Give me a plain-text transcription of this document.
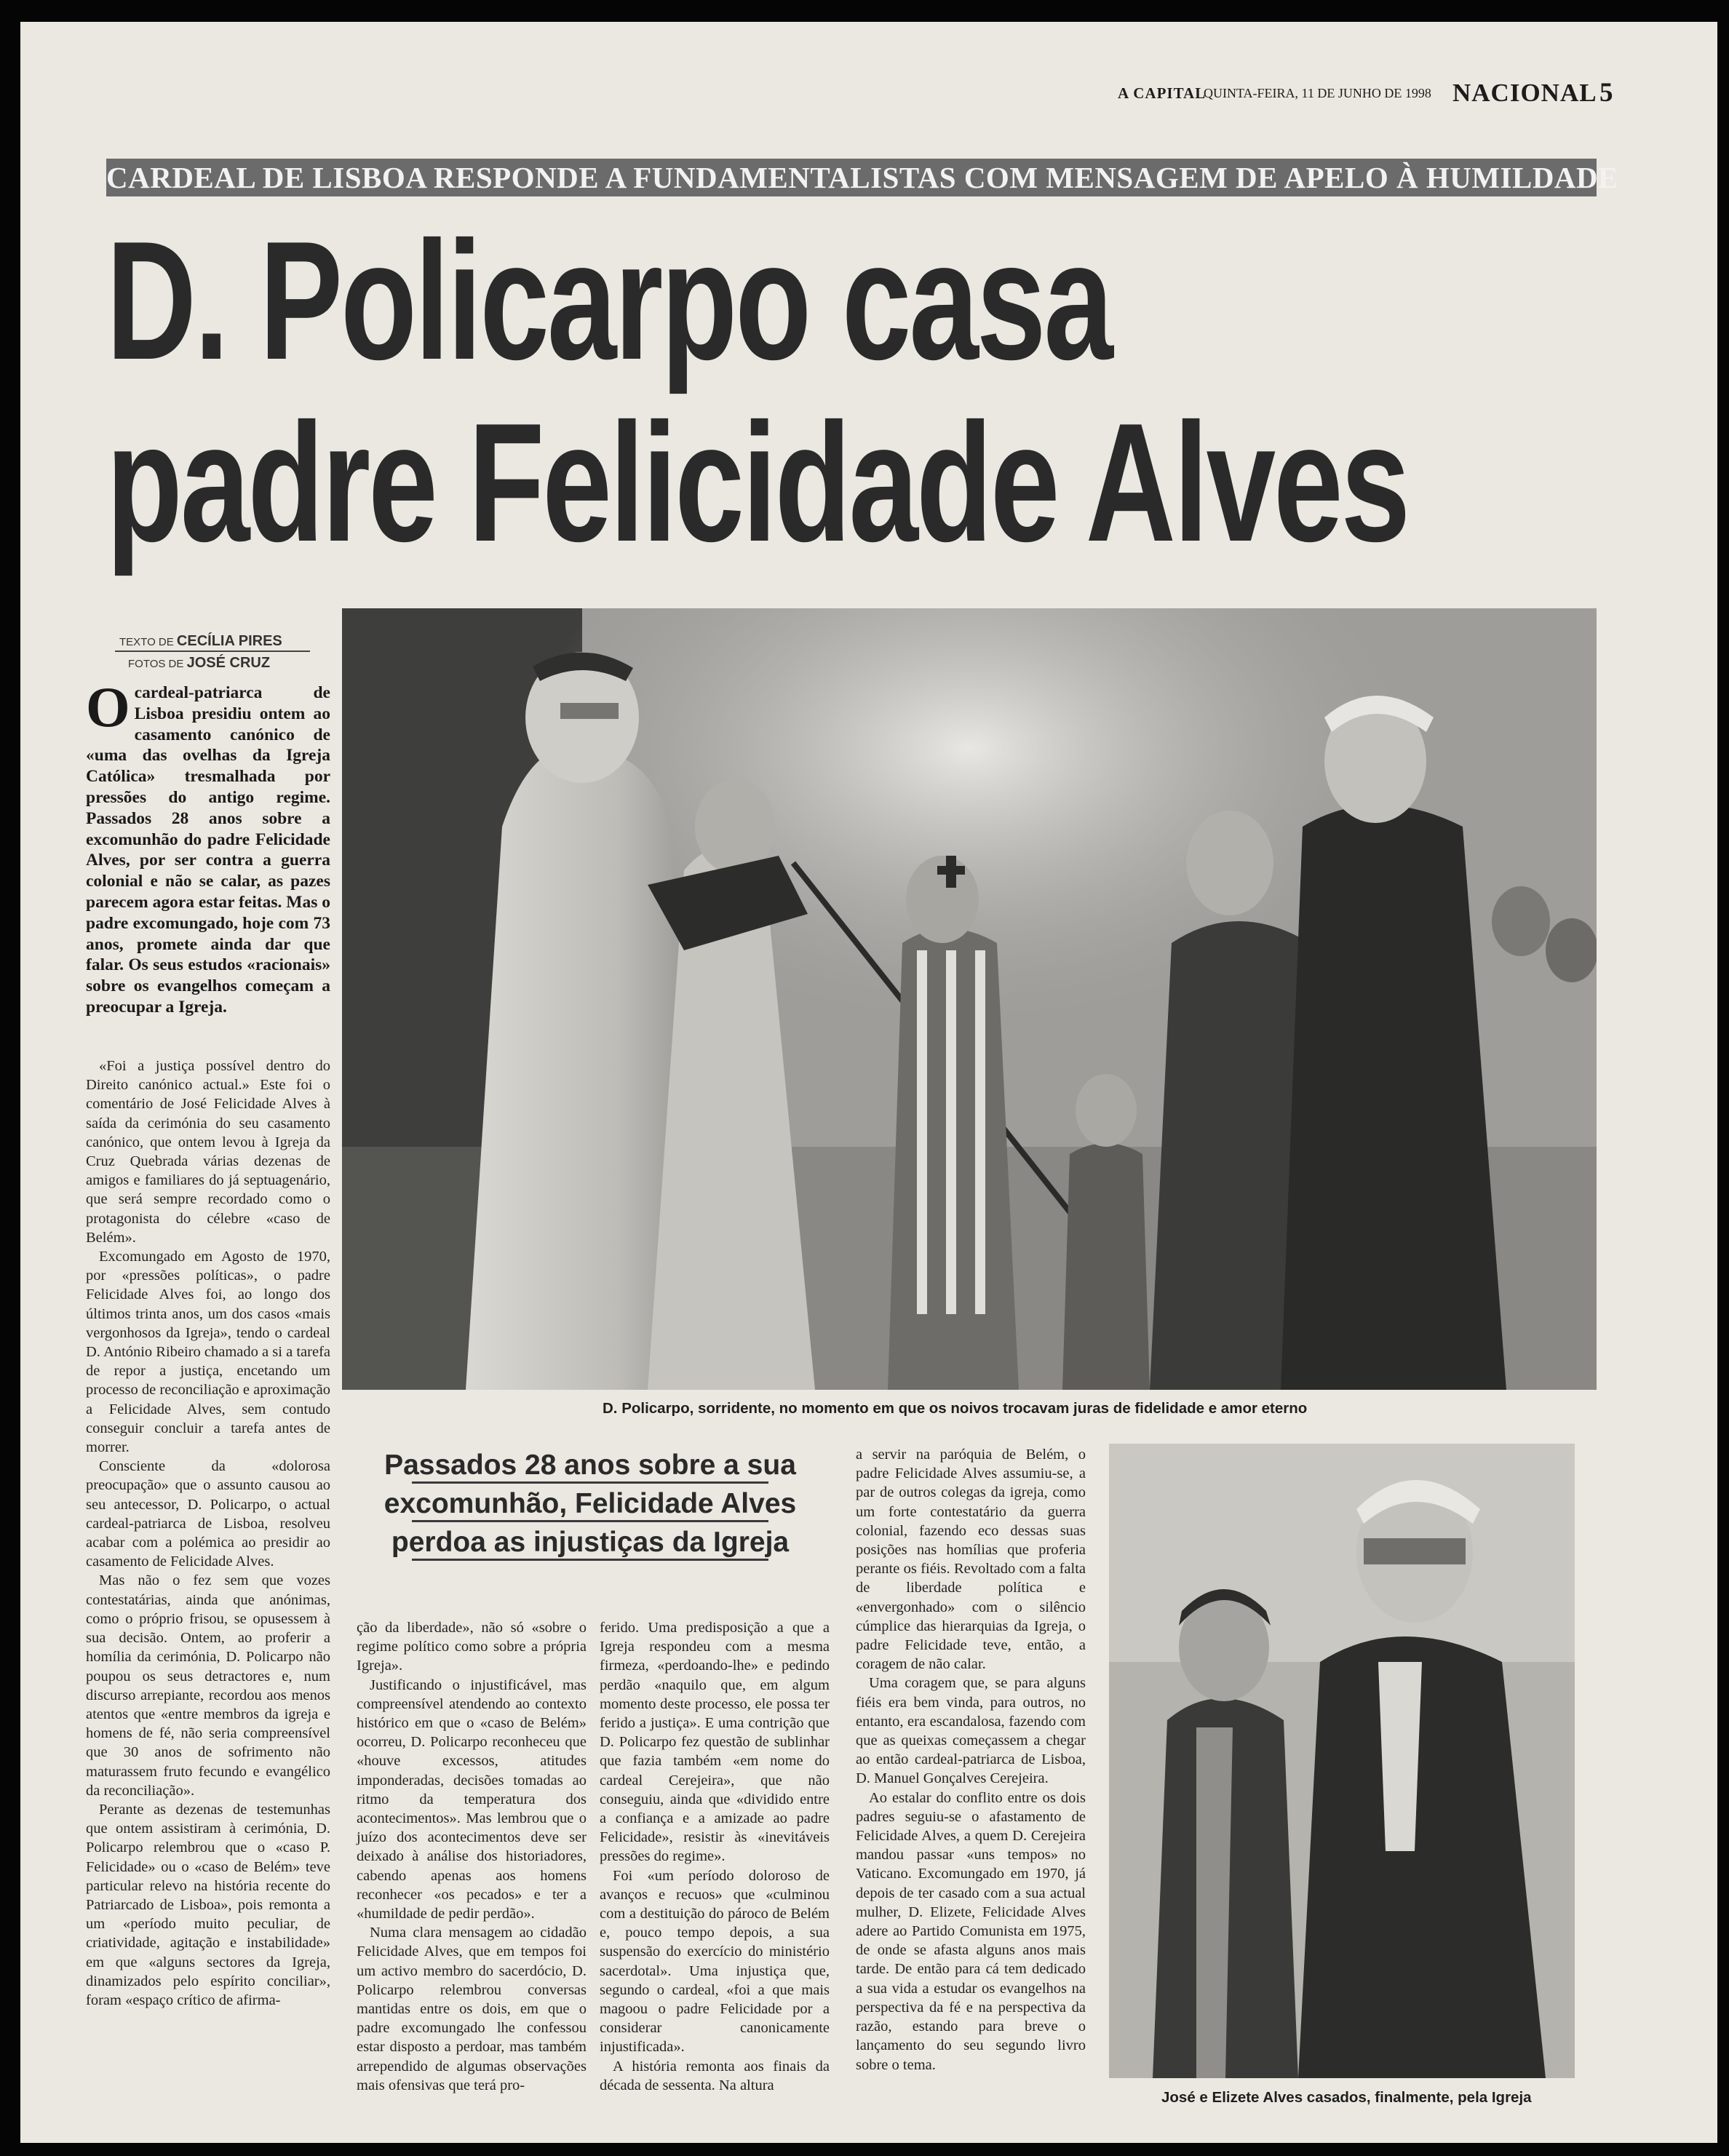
A CAPITAL
QUINTA-FEIRA, 11 DE JUNHO DE 1998 NACIONAL 5
CARDEAL DE LISBOA RESPONDE A FUNDAMENTALISTAS COM MENSAGEM DE APELO À HUMILDADE
D. Policarpo casa
padre Felicidade Alves
TEXTO DE CECÍLIA PIRES
FOTOS DE JOSÉ CRUZ
Ocardeal-patriarca de Lisboa presidiu ontem ao casamento canónico de «uma das ovelhas da Igreja Católica» tresmalhada por pressões do antigo regime. Passados 28 anos sobre a excomunhão do padre Felicidade Alves, por ser contra a guerra colonial e não se calar, as pazes parecem agora estar feitas. Mas o padre excomungado, hoje com 73 anos, promete ainda dar que falar. Os seus estudos «racionais» sobre os evangelhos começam a preocupar a Igreja.

«Foi a justiça possível dentro do Direito canónico actual.» Este foi o comentário de José Felicidade Alves à saída da cerimónia do seu casamento canónico, que ontem levou à Igreja da Cruz Quebrada várias dezenas de amigos e familiares do já septuagenário, que será sempre recordado como o protagonista do célebre «caso de Belém».

Excomungado em Agosto de 1970, por «pressões políticas», o padre Felicidade Alves foi, ao longo dos últimos trinta anos, um dos casos «mais vergonhosos da Igreja», tendo o cardeal D. António Ribeiro chamado a si a tarefa de repor a justiça, encetando um processo de reconciliação e aproximação a Felicidade Alves, sem contudo conseguir concluir a tarefa antes de morrer.

Consciente da «dolorosa preocupação» que o assunto causou ao seu antecessor, D. Policarpo, o actual cardeal-patriarca de Lisboa, resolveu acabar com a polémica ao presidir ao casamento de Felicidade Alves.

Mas não o fez sem que vozes contestatárias, ainda que anónimas, como o próprio frisou, se opusessem à sua decisão. Ontem, ao proferir a homília da cerimónia, D. Policarpo não poupou os seus detractores e, num discurso arrepiante, recordou aos menos atentos que «entre membros da igreja e homens de fé, não seria compreensível que 30 anos de sofrimento não maturassem fruto fecundo e evangélico da reconciliação».

Perante as dezenas de testemunhas que ontem assistiram à cerimónia, D. Policarpo relembrou que o «caso P. Felicidade» ou o «caso de Belém» teve particular relevo na história recente do Patriarcado de Lisboa», pois remonta a um «período muito peculiar, de criatividade, agitação e instabilidade» em que «alguns sectores da Igreja, dinamizados pelo espírito conciliar», foram «espaço crítico de afirma-

D. Policarpo, sorridente, no momento em que os noivos trocavam juras de fidelidade e amor eterno
Passados 28 anos sobre a sua
excomunhão, Felicidade Alves
perdoa as injustiças da Igreja

ção da liberdade», não só «sobre o regime político como sobre a própria Igreja».

Justificando o injustificável, mas compreensível atendendo ao contexto histórico em que o «caso de Belém» ocorreu, D. Policarpo reconheceu que «houve excessos, atitudes imponderadas, decisões tomadas ao ritmo da temperatura dos acontecimentos». Mas lembrou que o juízo dos acontecimentos deve ser deixado à análise dos historiadores, cabendo apenas aos homens reconhecer «os pecados» e ter a «humildade de pedir perdão».

Numa clara mensagem ao cidadão Felicidade Alves, que em tempos foi um activo membro do sacerdócio, D. Policarpo relembrou conversas mantidas entre os dois, em que o padre excomungado lhe confessou estar disposto a perdoar, mas também arrependido de algumas observações mais ofensivas que terá pro-

ferido. Uma predisposição a que a Igreja respondeu com a mesma firmeza, «perdoando-lhe» e pedindo perdão «naquilo que, em algum momento deste processo, ele possa ter ferido a justiça». E uma contrição que D. Policarpo fez questão de sublinhar que fazia também «em nome do cardeal Cerejeira», que não conseguiu, ainda que «dividido entre a confiança e a amizade ao padre Felicidade», resistir às «inevitáveis pressões do regime».

Foi «um período doloroso de avanços e recuos» que «culminou com a destituição do pároco de Belém e, pouco tempo depois, a sua suspensão do exercício do ministério sacerdotal». Uma injustiça que, segundo o cardeal, «foi a que mais magoou o padre Felicidade por a considerar canonicamente injustificada».

A história remonta aos finais da década de sessenta. Na altura

a servir na paróquia de Belém, o padre Felicidade Alves assumiu-se, a par de outros colegas da igreja, como um forte contestatário da guerra colonial, fazendo eco dessas suas posições nas homílias que proferia perante os fiéis. Revoltado com a falta de liberdade política e «envergonhado» com o silêncio cúmplice das hierarquias da Igreja, o padre Felicidade teve, então, a coragem de não calar.

Uma coragem que, se para alguns fiéis era bem vinda, para outros, no entanto, era escandalosa, fazendo com que as queixas começassem a chegar ao então cardeal-patriarca de Lisboa, D. Manuel Gonçalves Cerejeira.

Ao estalar do conflito entre os dois padres seguiu-se o afastamento de Felicidade Alves, a quem D. Cerejeira mandou passar «uns tempos» no Vaticano. Excomungado em 1970, já depois de ter casado com a sua actual mulher, D. Elizete, Felicidade Alves adere ao Partido Comunista em 1975, de onde se afasta alguns anos mais tarde. De então para cá tem dedicado a sua vida a estudar os evangelhos na perspectiva da fé e na perspectiva da razão, estando para breve o lançamento do seu segundo livro sobre o tema.

José e Elizete Alves casados, finalmente, pela Igreja
